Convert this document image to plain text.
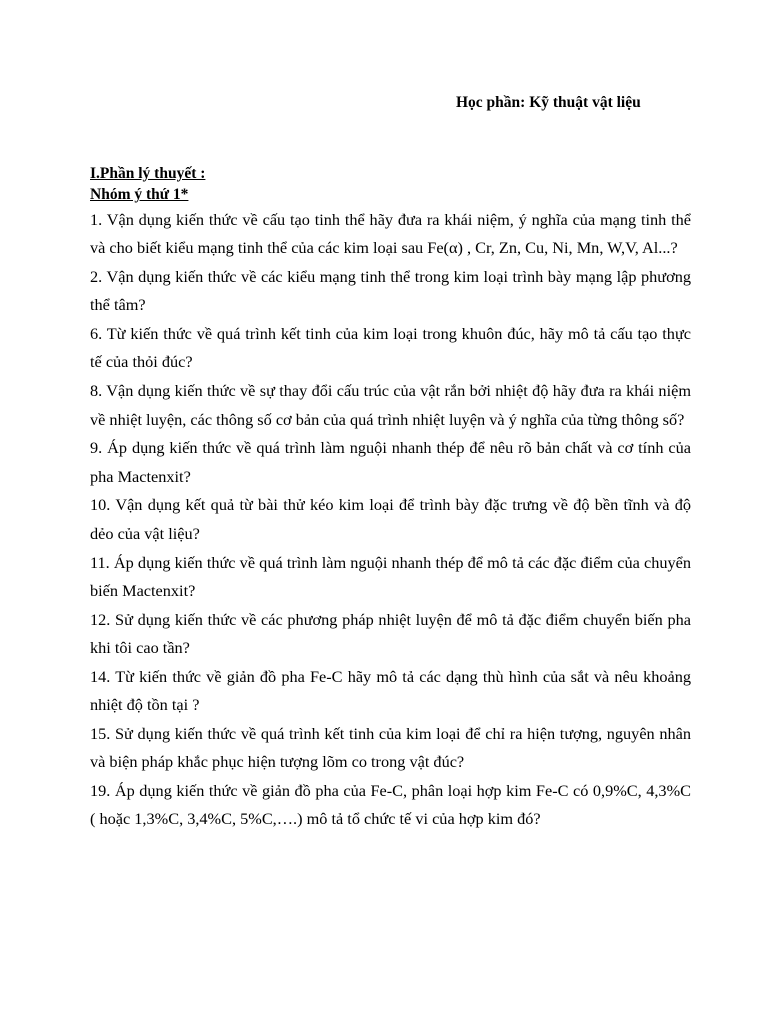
Học phần: Kỹ thuật vật liệu
I.Phần lý thuyết :
Nhóm ý thứ 1*

1. Vận dụng kiến thức về cấu tạo tinh thể hãy đưa ra khái niệm, ý nghĩa của mạng tinh thể và cho biết kiểu mạng tinh thể của các kim loại sau Fe(α) , Cr, Zn, Cu, Ni, Mn, W,V, Al...?

2. Vận dụng kiến thức về các kiểu mạng tinh thể trong kim loại trình bày mạng lập phương thể tâm?

6. Từ kiến thức về quá trình kết tinh của kim loại trong khuôn đúc, hãy mô tả cấu tạo thực tế của thỏi đúc?

8. Vận dụng kiến thức về sự thay đổi cấu trúc của vật rắn bởi nhiệt độ hãy đưa ra khái niệm về nhiệt luyện, các thông số cơ bản của quá trình nhiệt luyện và ý nghĩa của từng thông số?

9. Áp dụng kiến thức về quá trình làm nguội nhanh thép để nêu rõ bản chất và cơ tính của pha Mactenxit?

10. Vận dụng kết quả từ bài thử kéo kim loại để trình bày đặc trưng về độ bền tĩnh và độ dẻo của vật liệu?

11. Áp dụng kiến thức về quá trình làm nguội nhanh thép để mô tả các đặc điểm của chuyển biến Mactenxit?

12. Sử dụng kiến thức về các phương pháp nhiệt luyện để mô tả đặc điểm chuyển biến pha khi tôi cao tần?

14. Từ kiến thức về giản đồ pha Fe-C hãy mô tả các dạng thù hình của sắt và nêu khoảng nhiệt độ tồn tại ?

15. Sử dụng kiến thức về quá trình kết tinh của kim loại để chỉ ra hiện tượng, nguyên nhân và biện pháp khắc phục hiện tượng lõm co trong vật đúc?

19. Áp dụng kiến thức về giản đồ pha của Fe-C, phân loại hợp kim Fe-C có 0,9%C, 4,3%C ( hoặc 1,3%C, 3,4%C, 5%C,….) mô tả tổ chức tế vi của hợp kim đó?
